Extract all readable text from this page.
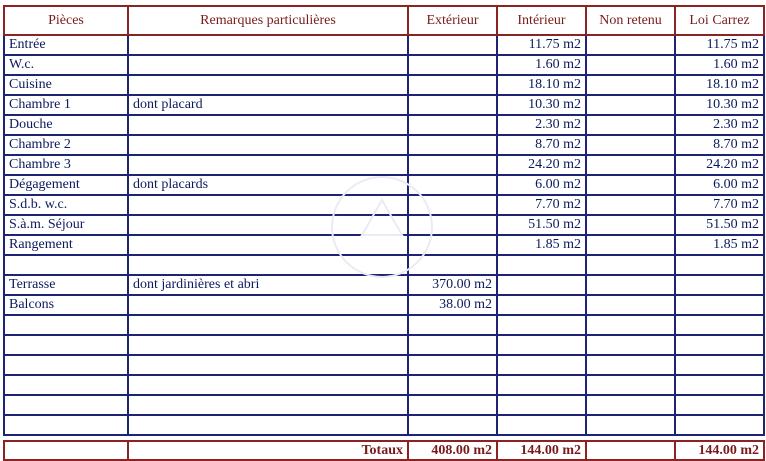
Pièces	Remarques particulières	Extérieur	Intérieur	Non retenu	Loi Carrez
Entrée			11.75 m2		11.75 m2
W.c.			1.60 m2		1.60 m2
Cuisine			18.10 m2		18.10 m2
Chambre 1	dont placard		10.30 m2		10.30 m2
Douche			2.30 m2		2.30 m2
Chambre 2			8.70 m2		8.70 m2
Chambre 3			24.20 m2		24.20 m2
Dégagement	dont placards		6.00 m2		6.00 m2
S.d.b. w.c.			7.70 m2		7.70 m2
S.à.m. Séjour			51.50 m2		51.50 m2
Rangement			1.85 m2		1.85 m2

Terrasse	dont jardinières et abri	370.00 m2			
Balcons		38.00 m2			

	Totaux	408.00 m2	144.00 m2		144.00 m2
